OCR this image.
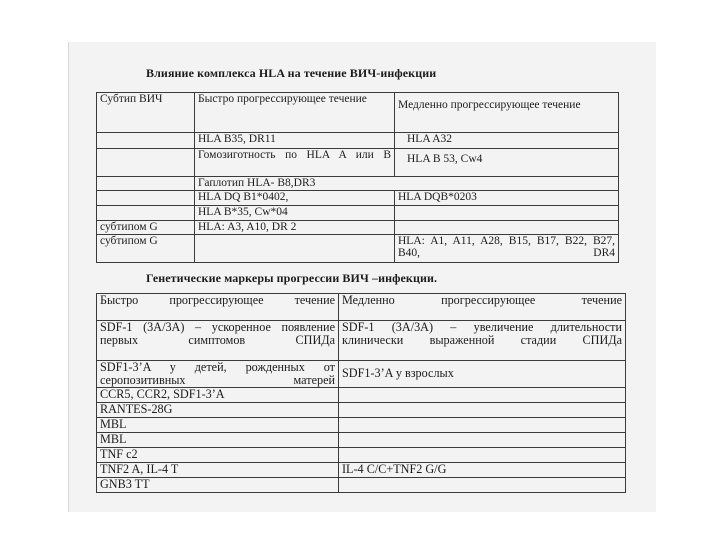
Влияние комплекса HLA на течение ВИЧ-инфекции
Субтип ВИЧ	Быстро прогрессирующее течение	Медленно прогрессирующее течение
	HLA B35, DR11	HLA A32
	Гомозиготность по HLA A или B	HLA B 53, Cw4
	Гаплотип HLA- B8,DR3	
	HLA DQ B1*0402,	HLA DQB*0203
	HLA B*35, Cw*04	
субтипом G	HLA: A3, A10, DR 2	
субтипом G		HLA: A1, A11, A28, B15, B17, B22, B27, B40, DR4
Генетические маркеры прогрессии ВИЧ –инфекции.
Быстро прогрессирующее течение	Медленно прогрессирующее течение
SDF-1 (3A/3A) – ускоренное появление первых симптомов СПИДа	SDF-1 (3A/3A) – увеличение длительности клинически выраженной стадии СПИДа
SDF1-3’A у детей, рожденных от серопозитивных матерей	SDF1-3’A у взрослых
CCR5, CCR2, SDF1-3’A	
RANTES-28G	
MBL	
MBL	
TNF c2	
TNF2 A, IL-4 T	IL-4 C/C+TNF2 G/G
GNB3 TT	
